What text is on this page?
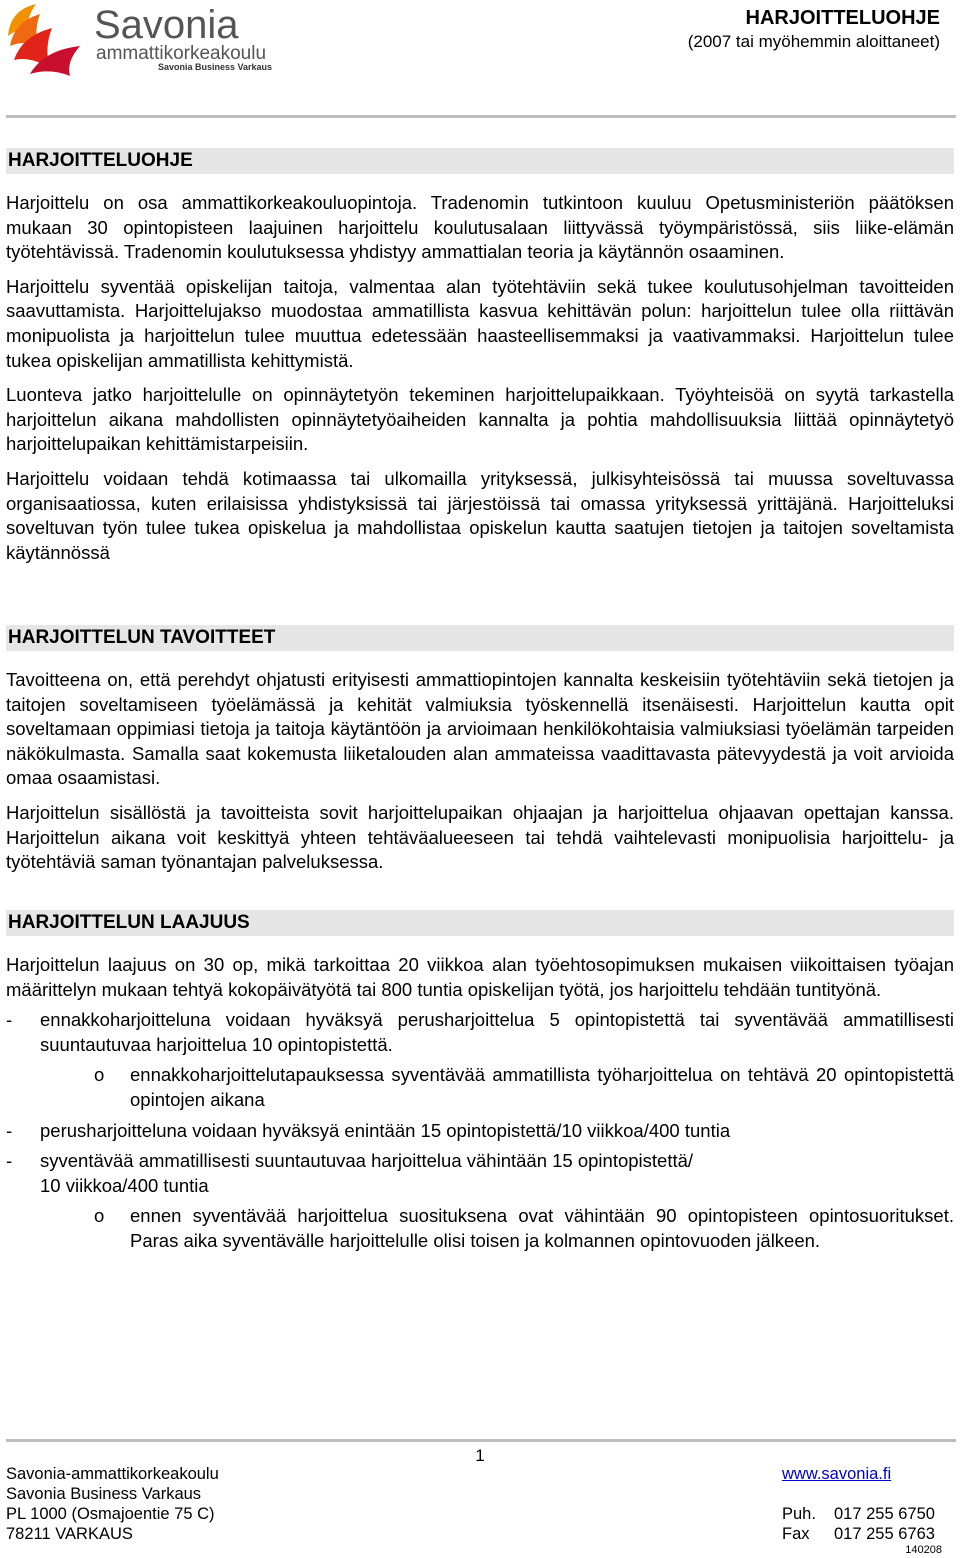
Savonia
ammattikorkeakoulu
Savonia Business Varkaus
HARJOITTELUOHJE
(2007 tai myöhemmin aloittaneet)
HARJOITTELUOHJE

Harjoittelu on osa ammattikorkeakouluopintoja. Tradenomin tutkintoon kuuluu Opetusministeriön päätöksen mukaan 30 opintopisteen laajuinen harjoittelu koulutusalaan liittyvässä työympäristössä, siis liike-elämän työtehtävissä. Tradenomin koulutuksessa yhdistyy ammattialan teoria ja käytännön osaaminen.

Harjoittelu syventää opiskelijan taitoja, valmentaa alan työtehtäviin sekä tukee koulutusohjelman tavoitteiden saavuttamista. Harjoittelujakso muodostaa ammatillista kasvua kehittävän polun: harjoittelun tulee olla riittävän monipuolista ja harjoittelun tulee muuttua edetessään haasteellisemmaksi ja vaativammaksi. Harjoittelun tulee tukea opiskelijan ammatillista kehittymistä.

Luonteva jatko harjoittelulle on opinnäytetyön tekeminen harjoittelupaikkaan. Työyhteisöä on syytä tarkastella harjoittelun aikana mahdollisten opinnäytetyöaiheiden kannalta ja pohtia mahdollisuuksia liittää opinnäytetyö harjoittelupaikan kehittämistarpeisiin.

Harjoittelu voidaan tehdä kotimaassa tai ulkomailla yrityksessä, julkisyhteisössä tai muussa soveltuvassa organisaatiossa, kuten erilaisissa yhdistyksissä tai järjestöissä tai omassa yrityksessä yrittäjänä. Harjoitteluksi soveltuvan työn tulee tukea opiskelua ja mahdollistaa opiskelun kautta saatujen tietojen ja taitojen soveltamista käytännössä

HARJOITTELUN TAVOITTEET

Tavoitteena on, että perehdyt ohjatusti erityisesti ammattiopintojen kannalta keskeisiin työtehtäviin sekä tietojen ja taitojen soveltamiseen työelämässä ja kehität valmiuksia työskennellä itsenäisesti. Harjoittelun kautta opit soveltamaan oppimiasi tietoja ja taitoja käytäntöön ja arvioimaan henkilökohtaisia valmiuksiasi työelämän tarpeiden näkökulmasta. Samalla saat kokemusta liiketalouden alan ammateissa vaadittavasta pätevyydestä ja voit arvioida omaa osaamistasi.

Harjoittelun sisällöstä ja tavoitteista sovit harjoittelupaikan ohjaajan ja harjoittelua ohjaavan opettajan kanssa. Harjoittelun aikana voit keskittyä yhteen tehtäväalueeseen tai tehdä vaihtelevasti monipuolisia harjoittelu- ja työtehtäviä saman työnantajan palveluksessa.

HARJOITTELUN LAAJUUS

Harjoittelun laajuus on 30 op, mikä tarkoittaa 20 viikkoa alan työehtosopimuksen mukaisen viikoittaisen työajan määrittelyn mukaan tehtyä kokopäivätyötä tai 800 tuntia opiskelijan työtä, jos harjoittelu tehdään tuntityönä.

-	ennakkoharjoitteluna voidaan hyväksyä perusharjoittelua 5 opintopistettä tai syventävää ammatillisesti suuntautuvaa harjoittelua 10 opintopistettä.
o	ennakkoharjoittelutapauksessa syventävää ammatillista työharjoittelua on tehtävä 20 opintopistettä opintojen aikana
-	perusharjoitteluna voidaan hyväksyä enintään 15 opintopistettä/10 viikkoa/400 tuntia
-	syventävää ammatillisesti suuntautuvaa harjoittelua vähintään 15 opintopistettä/
10 viikkoa/400 tuntia
o	ennen syventävää harjoittelua suosituksena ovat vähintään 90 opintopisteen opintosuoritukset. Paras aika syventävälle harjoittelulle olisi toisen ja kolmannen opintovuoden jälkeen.
1
Savonia-ammattikorkeakoulu
Savonia Business Varkaus
PL 1000 (Osmajoentie 75 C)
78211 VARKAUS
www.savonia.fi
Puh.	017 255 6750
Fax	017 255 6763
140208
